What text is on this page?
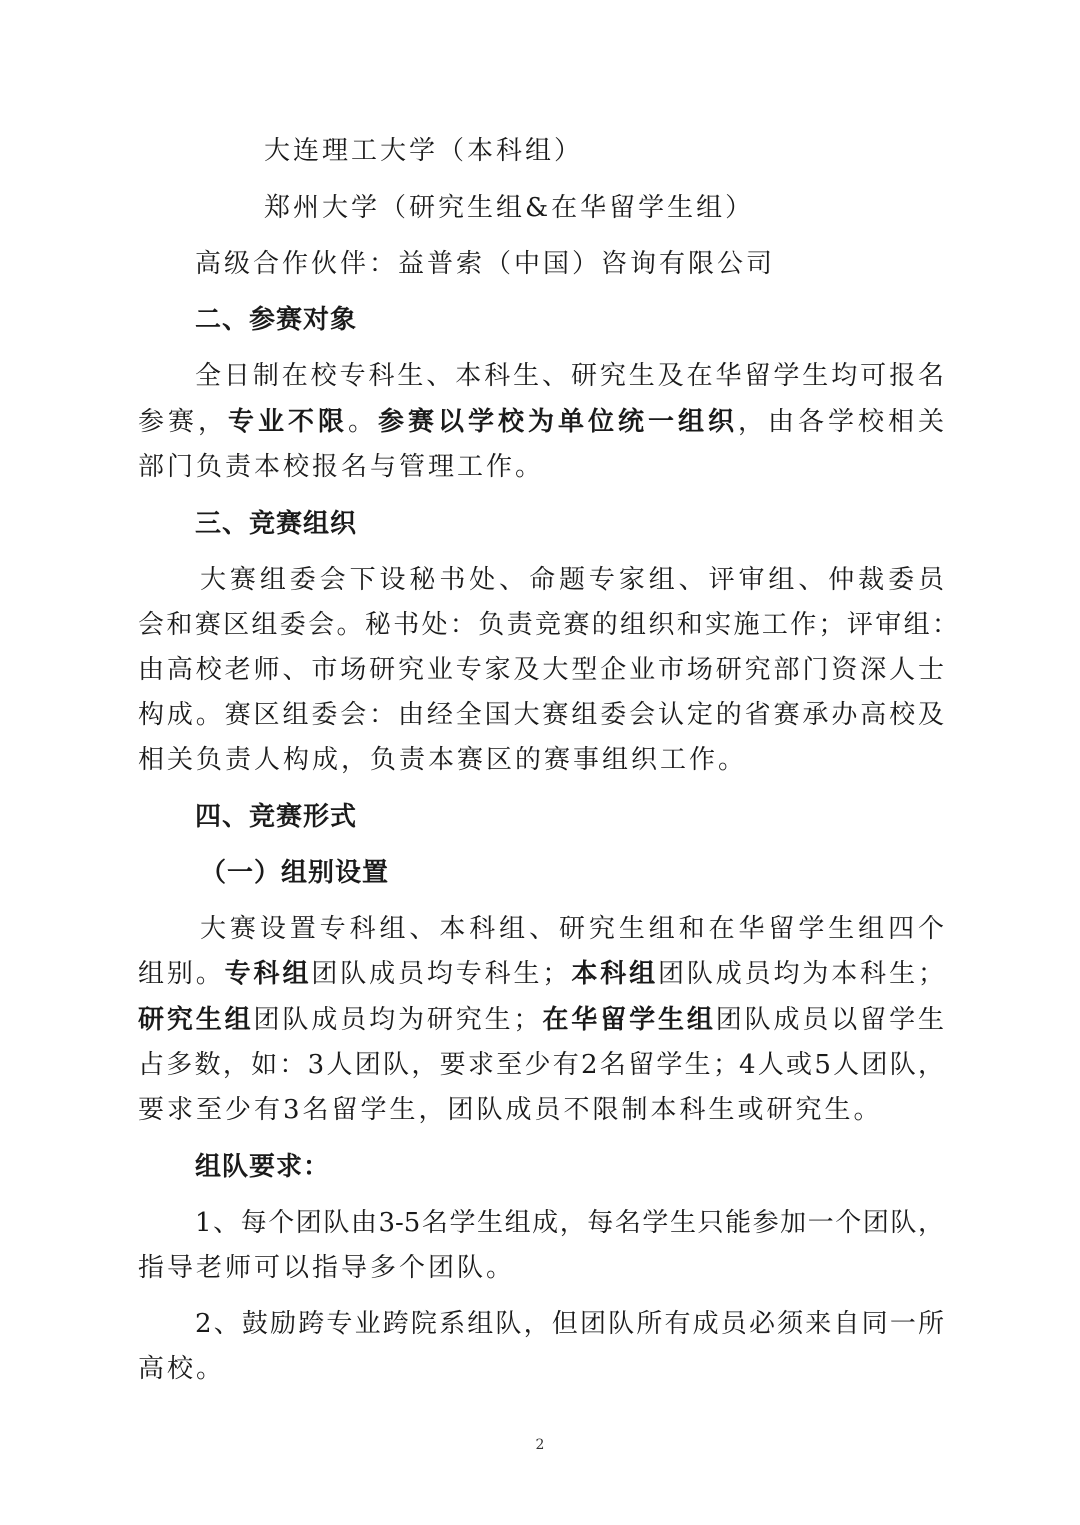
大连理工大学（本科组）
郑州大学（研究生组&在华留学生组）
高级合作伙伴：益普索（中国）咨询有限公司
二、参赛对象
全日制在校专科生、本科生、研究生及在华留学生均可报名
参赛，专业不限。参赛以学校为单位统一组织，由各学校相关
部门负责本校报名与管理工作。
三、竞赛组织
大赛组委会下设秘书处、命题专家组、评审组、仲裁委员
会和赛区组委会。秘书处：负责竞赛的组织和实施工作；评审组：
由高校老师、市场研究业专家及大型企业市场研究部门资深人士
构成。赛区组委会：由经全国大赛组委会认定的省赛承办高校及
相关负责人构成，负责本赛区的赛事组织工作。
四、竞赛形式
（一）组别设置
大赛设置专科组、本科组、研究生组和在华留学生组四个
组别。专科组团队成员均专科生；本科组团队成员均为本科生；
研究生组团队成员均为研究生；在华留学生组团队成员以留学生
占多数，如：3人团队，要求至少有2名留学生；4人或5人团队，
要求至少有3名留学生，团队成员不限制本科生或研究生。
组队要求：
1、每个团队由3-5名学生组成，每名学生只能参加一个团队，
指导老师可以指导多个团队。
2、鼓励跨专业跨院系组队，但团队所有成员必须来自同一所
高校。
2
